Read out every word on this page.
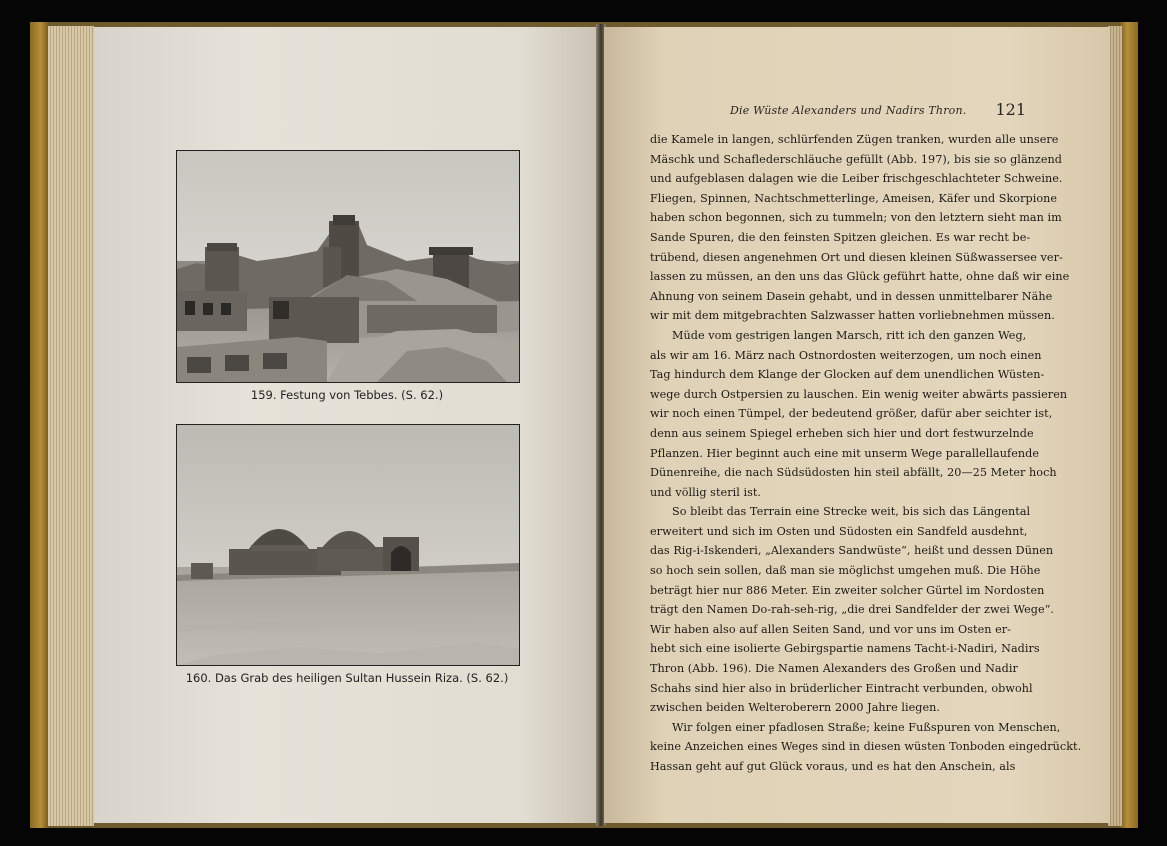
159. Festung von Tebbes. (S. 62.)
160. Das Grab des heiligen Sultan Hussein Riza. (S. 62.)
Die Wüste Alexanders und Nadirs Thron.	121
die Kamele in langen, schlürfenden Zügen tranken, wurden alle unsere
Mäschk und Schaflederschläuche gefüllt (Abb. 197), bis sie so glänzend
und aufgeblasen dalagen wie die Leiber frischgeschlachteter Schweine.
Fliegen, Spinnen, Nachtschmetterlinge, Ameisen, Käfer und Skorpione
haben schon begonnen, sich zu tummeln; von den letztern sieht man im
Sande Spuren, die den feinsten Spitzen gleichen. Es war recht be-
trübend, diesen angenehmen Ort und diesen kleinen Süßwassersee ver-
lassen zu müssen, an den uns das Glück geführt hatte, ohne daß wir eine
Ahnung von seinem Dasein gehabt, und in dessen unmittelbarer Nähe
wir mit dem mitgebrachten Salzwasser hatten vorliebnehmen müssen.
Müde vom gestrigen langen Marsch, ritt ich den ganzen Weg,
als wir am 16. März nach Ostnordosten weiterzogen, um noch einen
Tag hindurch dem Klange der Glocken auf dem unendlichen Wüsten-
wege durch Ostpersien zu lauschen. Ein wenig weiter abwärts passieren
wir noch einen Tümpel, der bedeutend größer, dafür aber seichter ist,
denn aus seinem Spiegel erheben sich hier und dort festwurzelnde
Pflanzen. Hier beginnt auch eine mit unserm Wege parallellaufende
Dünenreihe, die nach Südsüdosten hin steil abfällt, 20—25 Meter hoch
und völlig steril ist.
So bleibt das Terrain eine Strecke weit, bis sich das Längental
erweitert und sich im Osten und Südosten ein Sandfeld ausdehnt,
das Rig-i-Iskenderi, „Alexanders Sandwüste“, heißt und dessen Dünen
so hoch sein sollen, daß man sie möglichst umgehen muß. Die Höhe
beträgt hier nur 886 Meter. Ein zweiter solcher Gürtel im Nordosten
trägt den Namen Do-rah-seh-rig, „die drei Sandfelder der zwei Wege“.
Wir haben also auf allen Seiten Sand, und vor uns im Osten er-
hebt sich eine isolierte Gebirgspartie namens Tacht-i-Nadiri, Nadirs
Thron (Abb. 196). Die Namen Alexanders des Großen und Nadir
Schahs sind hier also in brüderlicher Eintracht verbunden, obwohl
zwischen beiden Welteroberern 2000 Jahre liegen.
Wir folgen einer pfadlosen Straße; keine Fußspuren von Menschen,
keine Anzeichen eines Weges sind in diesen wüsten Tonboden eingedrückt.
Hassan geht auf gut Glück voraus, und es hat den Anschein, als
